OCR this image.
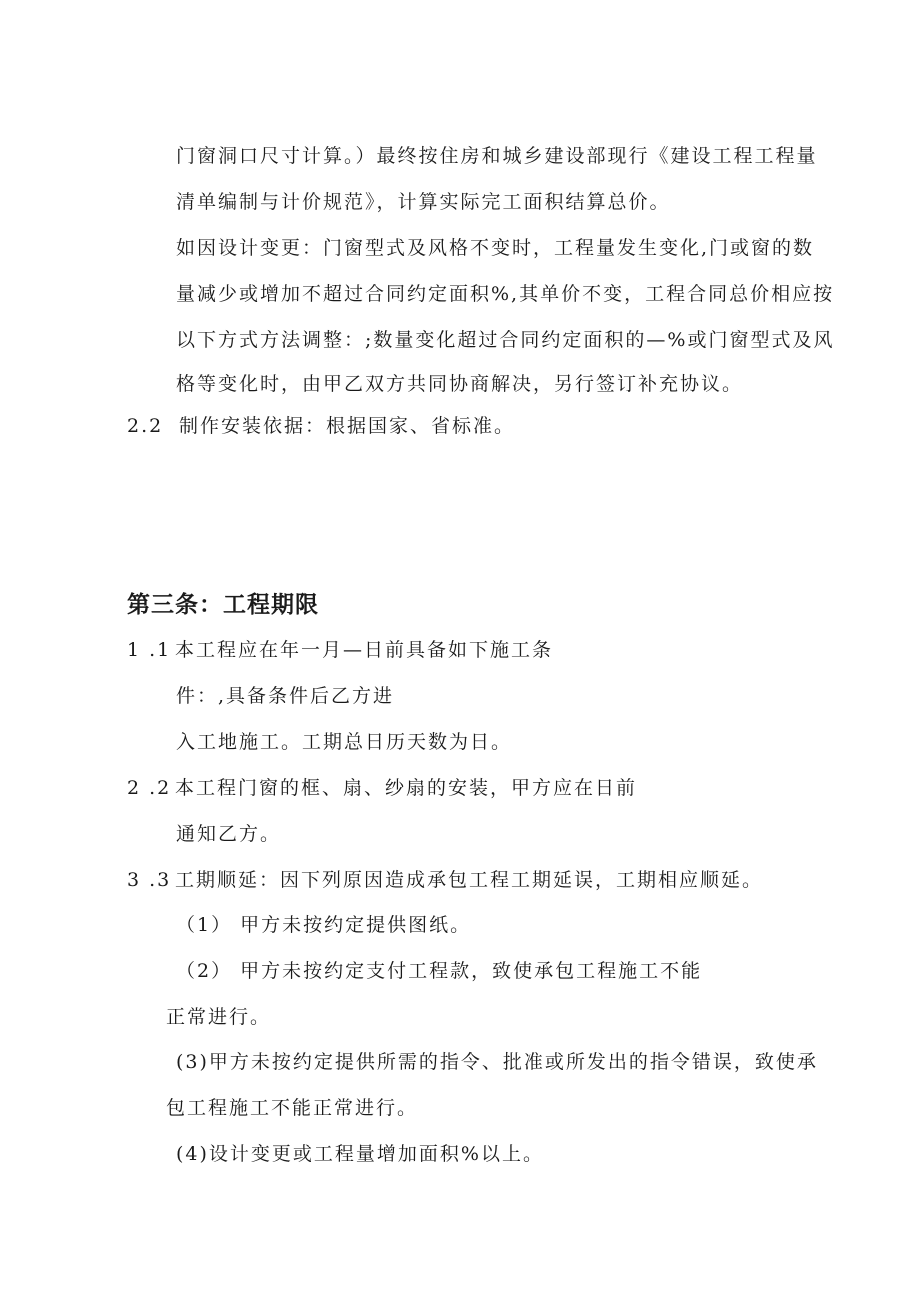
门窗洞口尺寸计算。）最终按住房和城乡建设部现行《建设工程工程量
清单编制与计价规范》，计算实际完工面积结算总价。
如因设计变更：门窗型式及风格不变时，工程量发生变化,门或窗的数
量减少或增加不超过合同约定面积%,其单价不变，工程合同总价相应按
以下方式方法调整：;数量变化超过合同约定面积的—%或门窗型式及风
格等变化时，由甲乙双方共同协商解决，另行签订补充协议。
2.2 制作安装依据：根据国家、省标准。
第三条：工程期限
1 .1 本工程应在年一月—日前具备如下施工条
件：,具备条件后乙方进
入工地施工。工期总日历天数为日。
2 .2 本工程门窗的框、扇、纱扇的安装，甲方应在日前
通知乙方。
3 .3 工期顺延：因下列原因造成承包工程工期延误，工期相应顺延。
（1） 甲方未按约定提供图纸。
（2） 甲方未按约定支付工程款，致使承包工程施工不能
正常进行。
(3)甲方未按约定提供所需的指令、批准或所发出的指令错误，致使承
包工程施工不能正常进行。
(4)设计变更或工程量增加面积%以上。
